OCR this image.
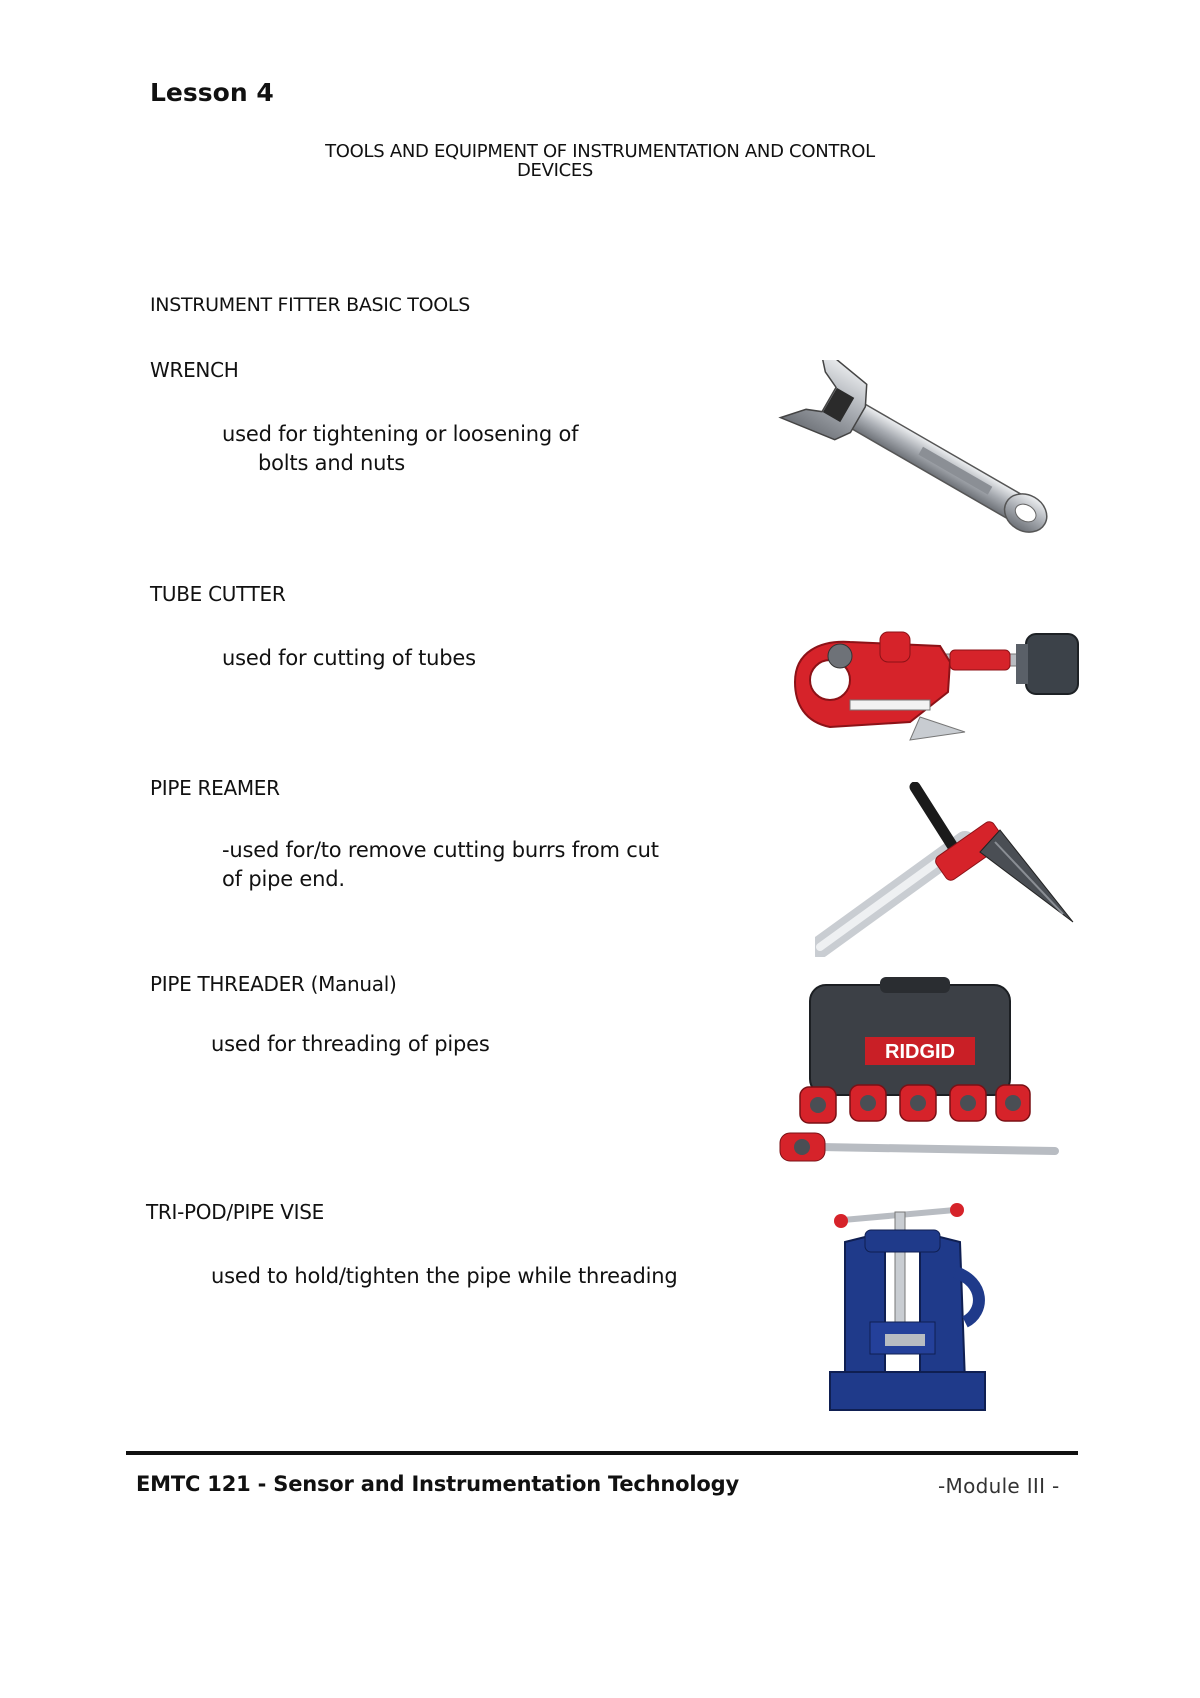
Lesson 4
TOOLS AND EQUIPMENT OF INSTRUMENTATION AND CONTROL
DEVICES
INSTRUMENT FITTER BASIC TOOLS
WRENCH
used for tightening or loosening of
bolts and nuts
TUBE CUTTER
used for cutting of tubes
PIPE REAMER
-used for/to remove cutting burrs from cut
of pipe end.
PIPE THREADER (Manual)
used for threading of pipes	RIDGID
TRI-POD/PIPE VISE
used to hold/tighten the pipe while threading
EMTC 121 - Sensor and Instrumentation Technology	-Module III -
